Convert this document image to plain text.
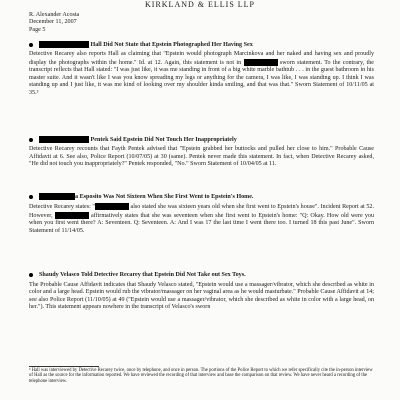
KIRKLAND & ELLIS LLP
R. Alexander Acosta
December 11, 2007
Page 5
Hall Did Not State that Epstein Photographed Her Having Sex

Detective Recarey also reports Hall as claiming that "Epstein would photograph Marcinkova and her naked and having sex and proudly display the photographs within the home." Id. at 12. Again, this statement is not in	sworn statement. To the contrary, the transcript reflects that Hall stated: "I was just like, it was me standing in front of a big white marble bathtub . . . in the guest bathroom in his master suite. And it wasn't like I was you know spreading my legs or anything for the camera, I was like, I was standing up. I think I was standing up and I just like, it was me kind of looking over my shoulder kinda smiling, and that was that." Sworn Statement of 10/11/05 at 35.³

Pentek Said Epstein Did Not Touch Her Inappropriately

Detective Recarey recounts that Fayth Pentek advised that "Epstein grabbed her buttocks and pulled her close to him." Probable Cause Affidavit at 6. See also, Police Report (10/07/05) at 30 (same). Pentek never made this statement. In fact, when Detective Recarey asked, "He did not touch you inappropriately?" Pentek responded, "No." Sworn Statement of 10/04/05 at 11.

a Esposito Was Not Sixteen When She First Went to Epstein's Home.

Detective Recarey states: "	also stated she was sixteen years old when she first went to Epstein's house". Incident Report at 52. However,	affirmatively states that she was seventeen when she first went to Epstein's home: "Q: Okay. How old were you when you first went there? A: Seventeen. Q: Seventeen. A: And I was 17 the last time I went there too. I turned 18 this past June". Sworn Statement of 11/14/05.

Shaudy Velasco Told Detective Recarey that Epstein Did Not Take out Sex Toys.

The Probable Cause Affidavit indicates that Shaudy Velasco stated, "Epstein would use a massager/vibrator, which she described as white in color and a large head. Epstein would rub the vibrator/massager on her vaginal area as he would masturbate." Probable Cause Affidavit at 14; see also Police Report (11/10/05) at 49 ("Epstein would use a massager/vibrator, which she described as white in color with a large head, on her."). This statement appears nowhere in the transcript of Velasco's sworn

³ Hall was interviewed by Detective Recarey twice, once by telephone, and once in person. The portions of the Police Report to which we refer specifically cite the in-person interview of Hall as the source for the information reported. We have reviewed the recording of that interview and base the comparison on that review. We have never heard a recording of the telephone interview.
